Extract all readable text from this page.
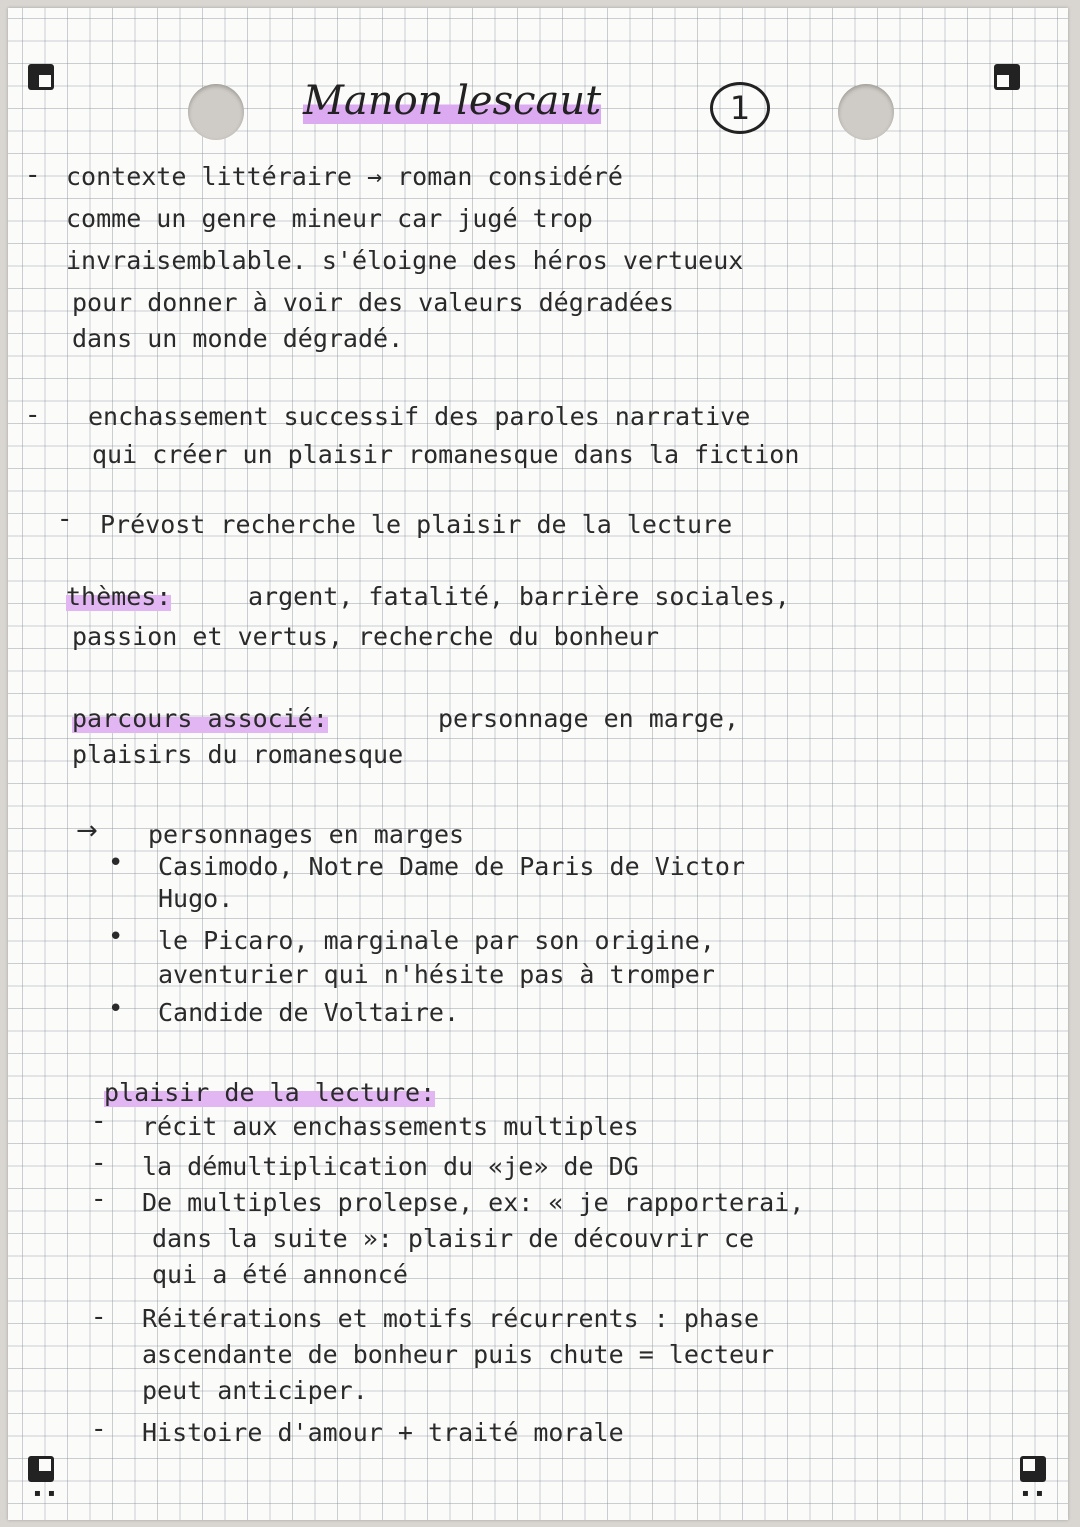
▪ ▪	▪ ▪
Manon lescaut	1
- contexte littéraire → roman considéré
comme un genre mineur car jugé trop
invraisemblable. s'éloigne des héros vertueux
pour donner à voir des valeurs dégradées
dans un monde dégradé.
- enchassement successif des paroles narrative
qui créer un plaisir romanesque dans la fiction
- Prévost recherche le plaisir de la lecture
thèmes:	argent, fatalité, barrière sociales,
passion et vertus, recherche du bonheur
parcours associé:	personnage en marge,
plaisirs du romanesque
→ personnages en marges
• Casimodo, Notre Dame de Paris de Victor
Hugo.
• le Picaro, marginale par son origine,
aventurier qui n'hésite pas à tromper
• Candide de Voltaire.
plaisir de la lecture:
- récit aux enchassements multiples
- la démultiplication du «je» de DG
- De multiples prolepse, ex: « je rapporterai,
dans la suite »: plaisir de découvrir ce
qui a été annoncé
- Réitérations et motifs récurrents : phase
ascendante de bonheur puis chute = lecteur
peut anticiper.
- Histoire d'amour + traité morale
